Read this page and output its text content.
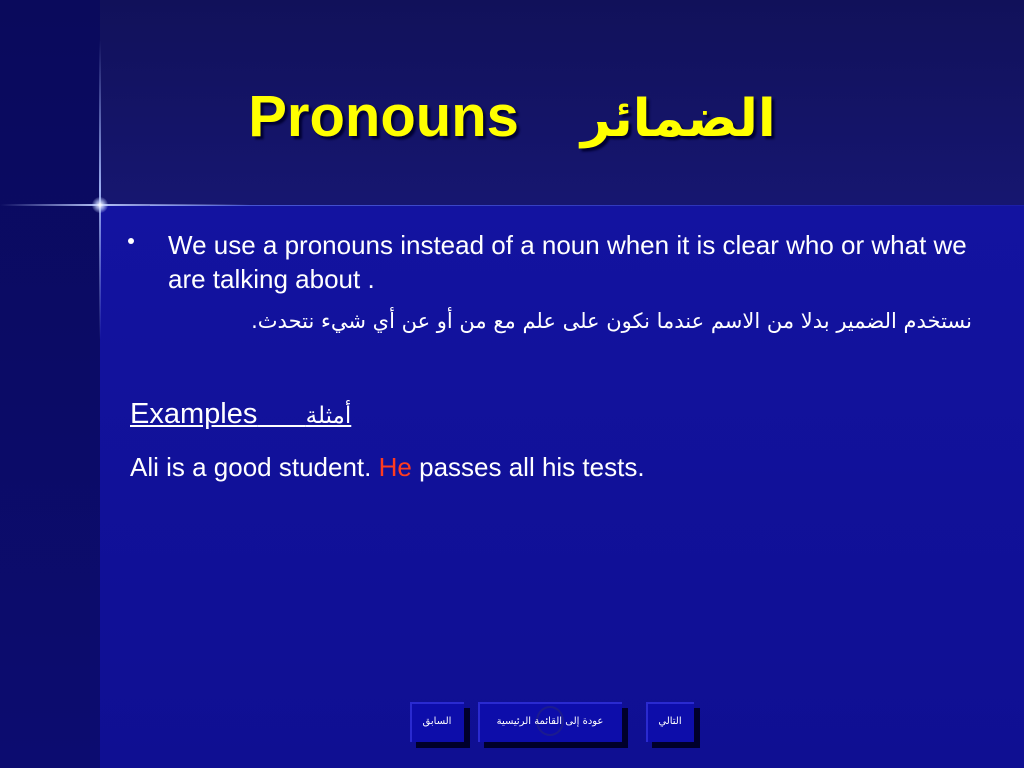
Pronouns الضمائر
We use a pronouns instead of a noun when it is clear who or what we are talking about .
نستخدم الضمير بدلا من الاسم عندما نكون على علم مع من أو عن أي شيء نتحدث.
Examples أمثلة
Ali is a good student. He passes all his tests.
السابق	عودة إلى القائمة الرئيسية	التالي
